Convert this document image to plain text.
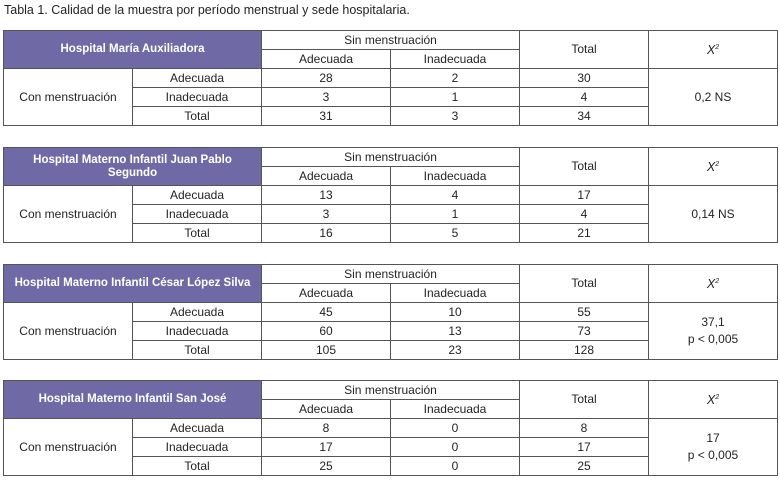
Tabla 1. Calidad de la muestra por período menstrual y sede hospitalaria.
Hospital María Auxiliadora		Sin menstruación		Total	$X^2$
		Adecuada	Inadecuada		
Con menstruación	Adecuada	28	2	30	0,2 NS

	Inadecuada	3	1	4	
	Total	31	3	34	
Hospital Materno Infantil Juan Pablo Segundo		Sin menstruación		Total	$X^2$
		Adecuada	Inadecuada		
Con menstruación	Adecuada	13	4	17	0,14 NS

	Inadecuada	3	1	4	
	Total	16	5	21	
Hospital Materno Infantil César López Silva		Sin menstruación		Total	$X^2$
		Adecuada	Inadecuada		
Con menstruación	Adecuada	45	10	55	37,1
p < 0,005

	Inadecuada	60	13	73	
	Total	105	23	128	
Hospital Materno Infantil San José		Sin menstruación		Total	$X^2$
		Adecuada	Inadecuada		
Con menstruación	Adecuada	8	0	8	17
p < 0,005

	Inadecuada	17	0	17	
	Total	25	0	25	
